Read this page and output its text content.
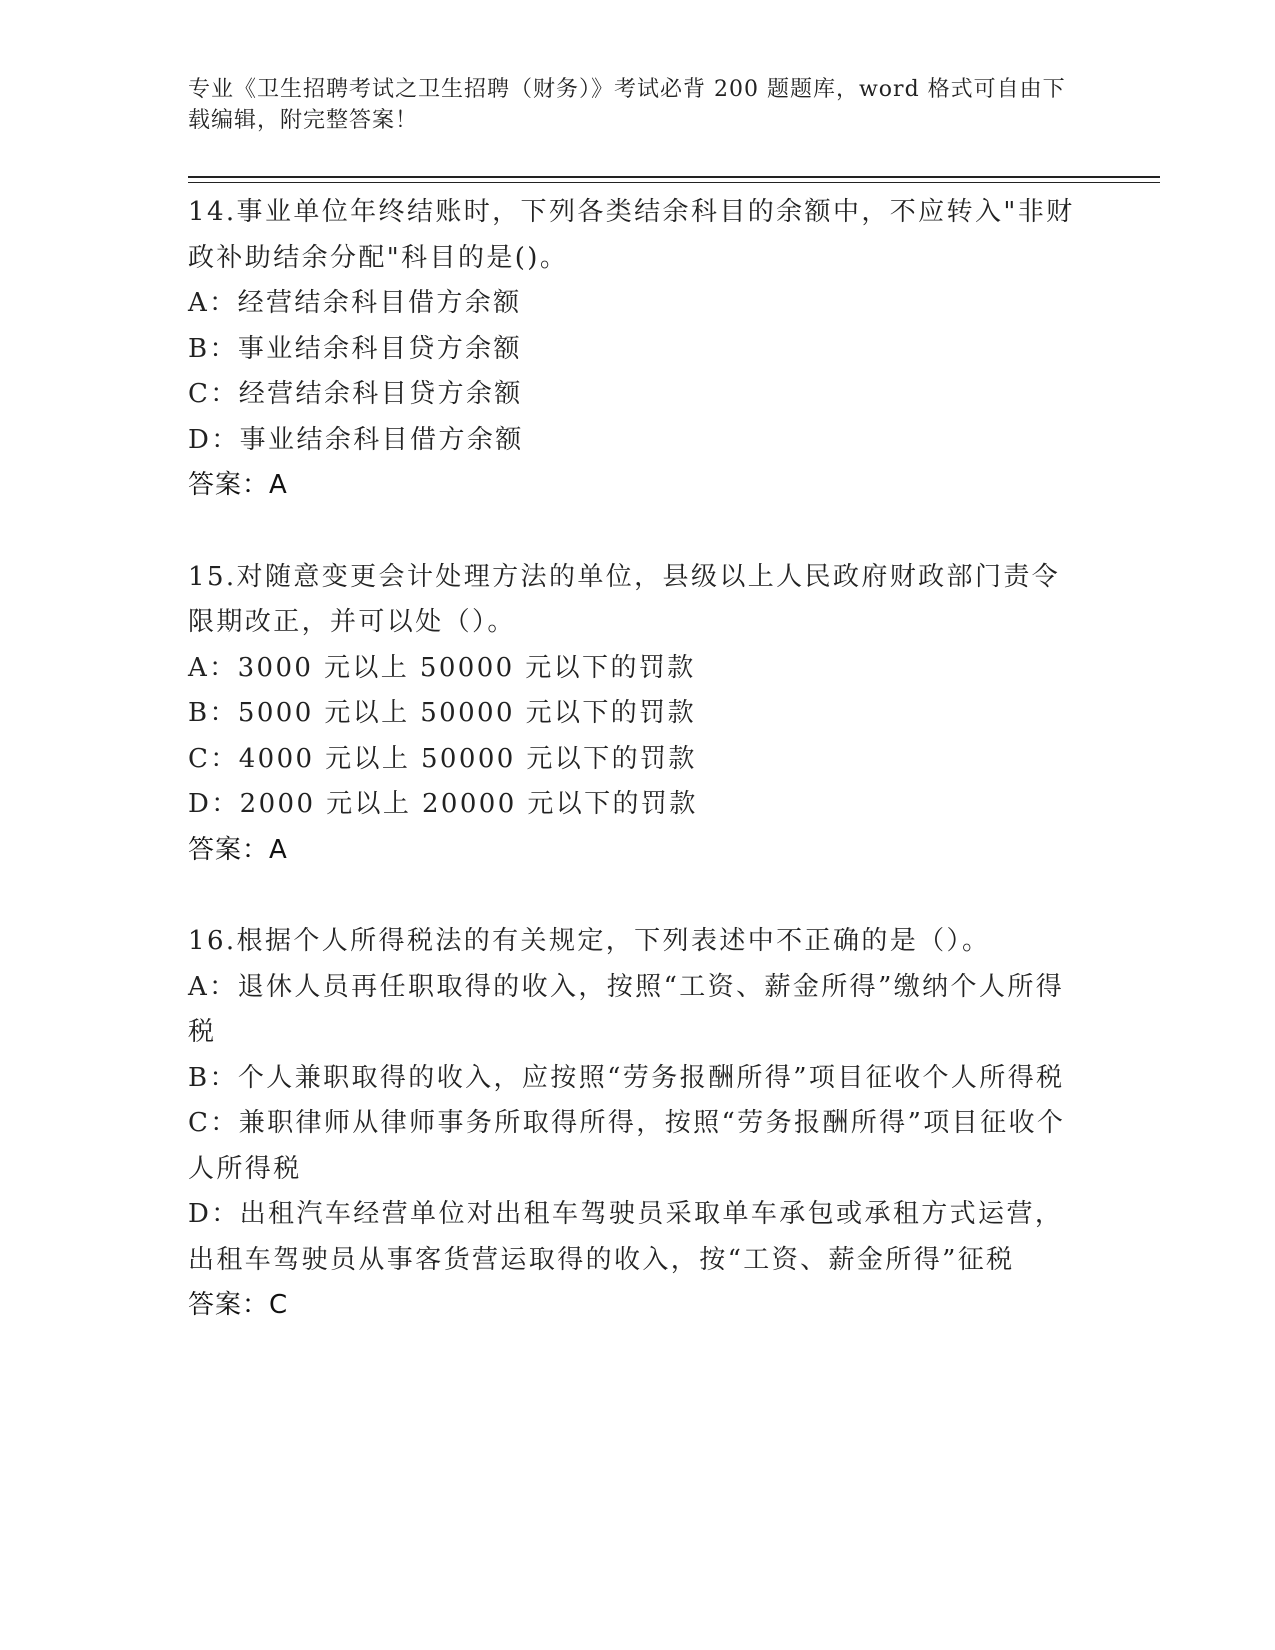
专业《卫生招聘考试之卫生招聘（财务）》考试必背 200 题题库，word 格式可自由下载编辑，附完整答案！
14.事业单位年终结账时，下列各类结余科目的余额中，不应转入"非财政补助结余分配"科目的是()。
A：经营结余科目借方余额
B：事业结余科目贷方余额
C：经营结余科目贷方余额
D：事业结余科目借方余额
答案：A
15.对随意变更会计处理方法的单位，县级以上人民政府财政部门责令限期改正，并可以处（）。
A：3000 元以上 50000 元以下的罚款
B：5000 元以上 50000 元以下的罚款
C：4000 元以上 50000 元以下的罚款
D：2000 元以上 20000 元以下的罚款
答案：A
16.根据个人所得税法的有关规定，下列表述中不正确的是（）。
A：退休人员再任职取得的收入，按照“工资、薪金所得”缴纳个人所得税
B：个人兼职取得的收入，应按照“劳务报酬所得”项目征收个人所得税
C：兼职律师从律师事务所取得所得，按照“劳务报酬所得”项目征收个人所得税
D：出租汽车经营单位对出租车驾驶员采取单车承包或承租方式运营，出租车驾驶员从事客货营运取得的收入，按“工资、薪金所得”征税
答案：C
